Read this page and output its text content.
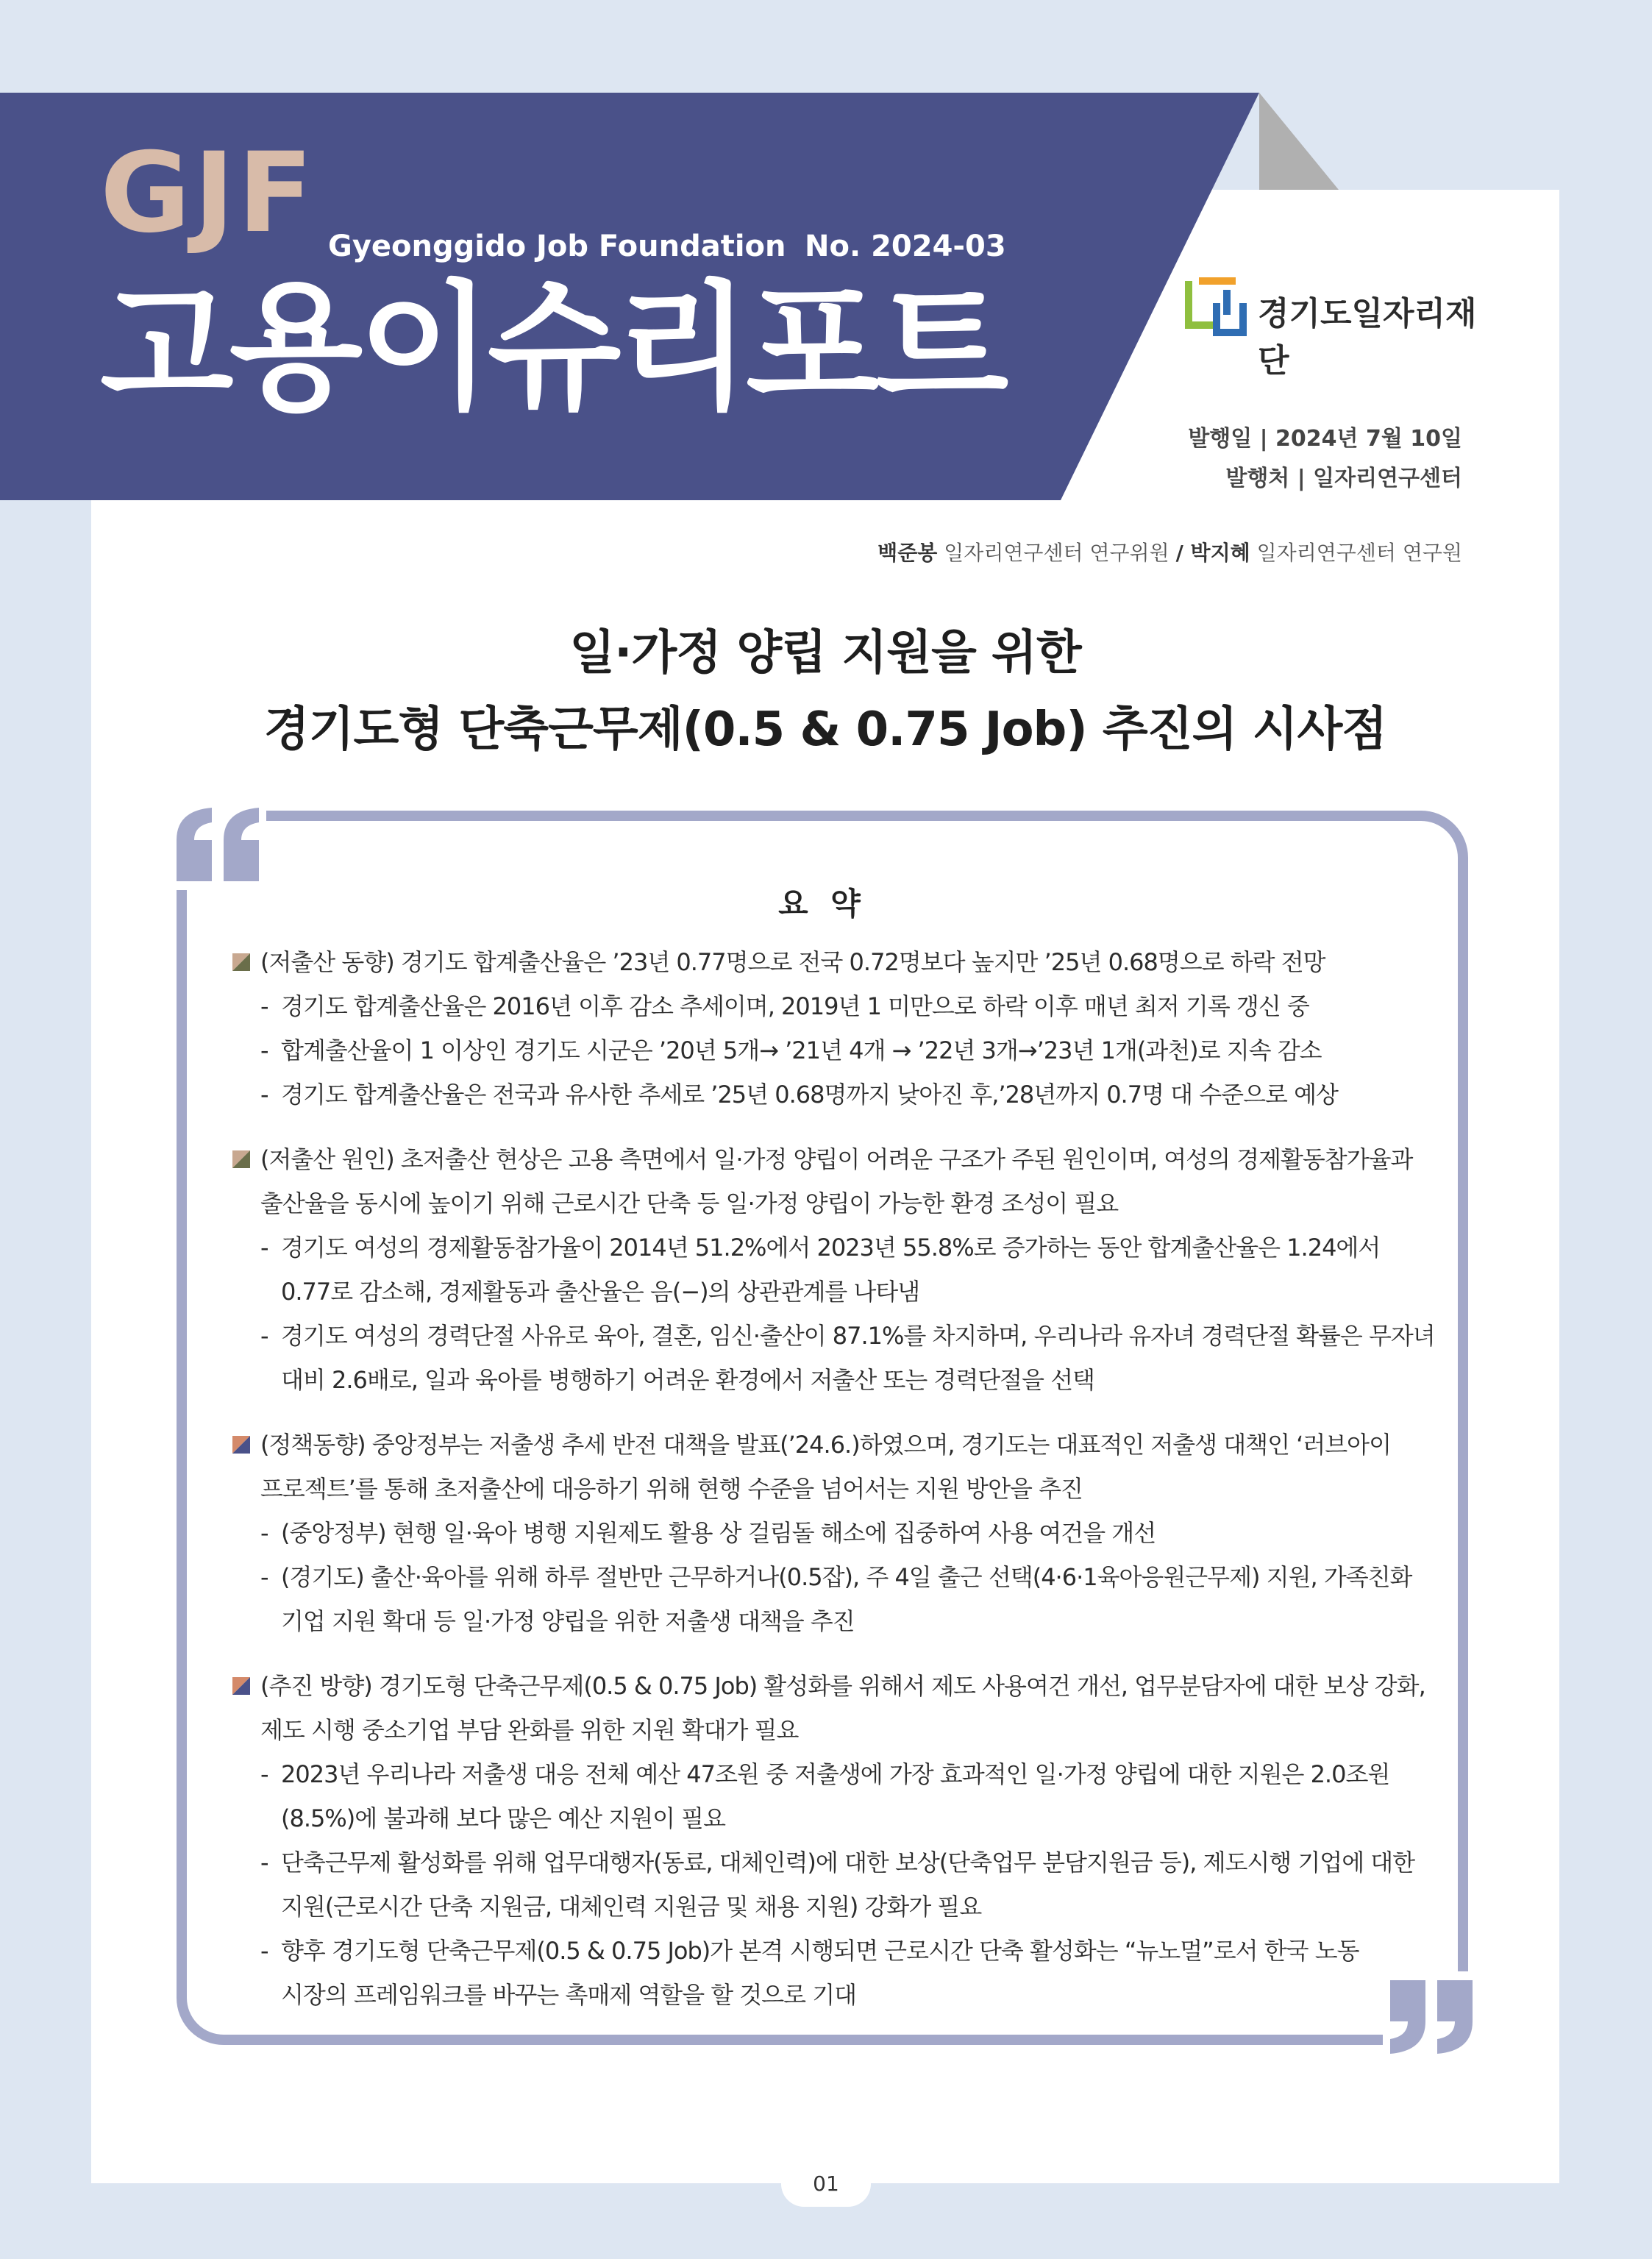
GJF Gyeonggido Job Foundation No. 2024-03
고용이슈리포트	경기도일자리재단
발행일 | 2024년 7월 10일
발행처 | 일자리연구센터
백준봉 일자리연구센터 연구위원 / 박지혜 일자리연구센터 연구원
일·가정 양립 지원을 위한
경기도형 단축근무제(0.5 & 0.75 Job) 추진의 시사점
요 약
(저출산 동향) 경기도 합계출산율은 ’23년 0.77명으로 전국 0.72명보다 높지만 ’25년 0.68명으로 하락 전망
- 경기도 합계출산율은 2016년 이후 감소 추세이며, 2019년 1 미만으로 하락 이후 매년 최저 기록 갱신 중
- 합계출산율이 1 이상인 경기도 시군은 ’20년 5개→ ’21년 4개 → ’22년 3개→’23년 1개(과천)로 지속 감소
- 경기도 합계출산율은 전국과 유사한 추세로 ’25년 0.68명까지 낮아진 후,’28년까지 0.7명 대 수준으로 예상
(저출산 원인) 초저출산 현상은 고용 측면에서 일·가정 양립이 어려운 구조가 주된 원인이며, 여성의 경제활동참가율과
출산율을 동시에 높이기 위해 근로시간 단축 등 일·가정 양립이 가능한 환경 조성이 필요
- 경기도 여성의 경제활동참가율이 2014년 51.2%에서 2023년 55.8%로 증가하는 동안 합계출산율은 1.24에서
0.77로 감소해, 경제활동과 출산율은 음(−)의 상관관계를 나타냄
- 경기도 여성의 경력단절 사유로 육아, 결혼, 임신·출산이 87.1%를 차지하며, 우리나라 유자녀 경력단절 확률은 무자녀
대비 2.6배로, 일과 육아를 병행하기 어려운 환경에서 저출산 또는 경력단절을 선택
(정책동향) 중앙정부는 저출생 추세 반전 대책을 발표(’24.6.)하였으며, 경기도는 대표적인 저출생 대책인 ‘러브아이
프로젝트’를 통해 초저출산에 대응하기 위해 현행 수준을 넘어서는 지원 방안을 추진
- (중앙정부) 현행 일·육아 병행 지원제도 활용 상 걸림돌 해소에 집중하여 사용 여건을 개선
- (경기도) 출산·육아를 위해 하루 절반만 근무하거나(0.5잡), 주 4일 출근 선택(4·6·1육아응원근무제) 지원, 가족친화
기업 지원 확대 등 일·가정 양립을 위한 저출생 대책을 추진
(추진 방향) 경기도형 단축근무제(0.5 & 0.75 Job) 활성화를 위해서 제도 사용여건 개선, 업무분담자에 대한 보상 강화,
제도 시행 중소기업 부담 완화를 위한 지원 확대가 필요
- 2023년 우리나라 저출생 대응 전체 예산 47조원 중 저출생에 가장 효과적인 일·가정 양립에 대한 지원은 2.0조원
(8.5%)에 불과해 보다 많은 예산 지원이 필요
- 단축근무제 활성화를 위해 업무대행자(동료, 대체인력)에 대한 보상(단축업무 분담지원금 등), 제도시행 기업에 대한
지원(근로시간 단축 지원금, 대체인력 지원금 및 채용 지원) 강화가 필요
- 향후 경기도형 단축근무제(0.5 & 0.75 Job)가 본격 시행되면 근로시간 단축 활성화는 “뉴노멀”로서 한국 노동
시장의 프레임워크를 바꾸는 촉매제 역할을 할 것으로 기대
01
